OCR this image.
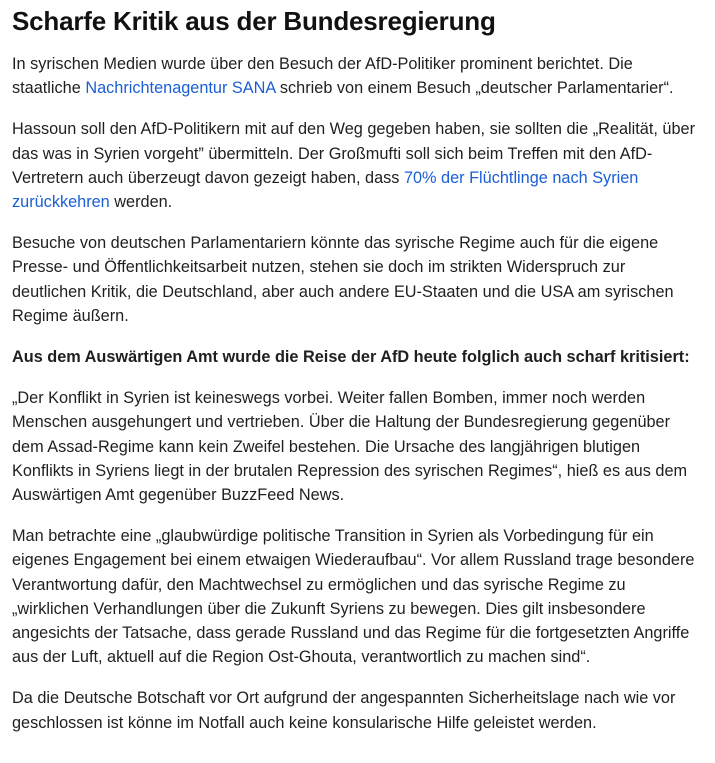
Scharfe Kritik aus der Bundesregierung

In syrischen Medien wurde über den Besuch der AfD-Politiker prominent berichtet. Die staatliche Nachrichtenagentur SANA schrieb von einem Besuch „deutscher Parlamentarier“.

Hassoun soll den AfD-Politikern mit auf den Weg gegeben haben, sie sollten die „Realität, über das was in Syrien vorgeht” übermitteln. Der Großmufti soll sich beim Treffen mit den AfD-Vertretern auch überzeugt davon gezeigt haben, dass 70% der Flüchtlinge nach Syrien zurückkehren werden.

Besuche von deutschen Parlamentariern könnte das syrische Regime auch für die eigene Presse- und Öffentlichkeitsarbeit nutzen, stehen sie doch im strikten Widerspruch zur deutlichen Kritik, die Deutschland, aber auch andere EU-Staaten und die USA am syrischen Regime äußern.

Aus dem Auswärtigen Amt wurde die Reise der AfD heute folglich auch scharf kritisiert:

„Der Konflikt in Syrien ist keineswegs vorbei. Weiter fallen Bomben, immer noch werden Menschen ausgehungert und vertrieben. Über die Haltung der Bundesregierung gegenüber dem Assad-Regime kann kein Zweifel bestehen. Die Ursache des langjährigen blutigen Konflikts in Syriens liegt in der brutalen Repression des syrischen Regimes“, hieß es aus dem Auswärtigen Amt gegenüber BuzzFeed News.

Man betrachte eine „glaubwürdige politische Transition in Syrien als Vorbedingung für ein eigenes Engagement bei einem etwaigen Wiederaufbau“. Vor allem Russland trage besondere Verantwortung dafür, den Machtwechsel zu ermöglichen und das syrische Regime zu „wirklichen Verhandlungen über die Zukunft Syriens zu bewegen. Dies gilt insbesondere angesichts der Tatsache, dass gerade Russland und das Regime für die fortgesetzten Angriffe aus der Luft, aktuell auf die Region Ost-Ghouta, verantwortlich zu machen sind“.

Da die Deutsche Botschaft vor Ort aufgrund der angespannten Sicherheitslage nach wie vor geschlossen ist könne im Notfall auch keine konsularische Hilfe geleistet werden.
